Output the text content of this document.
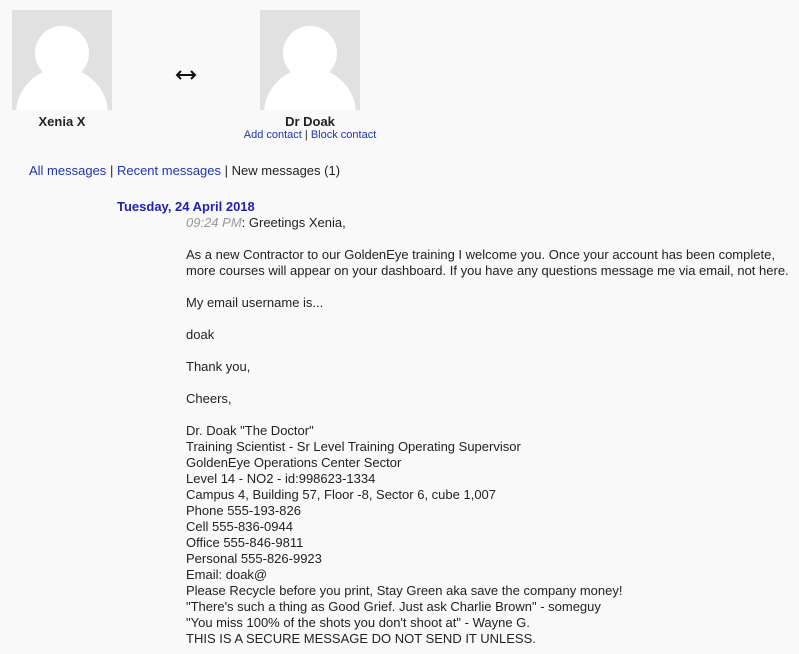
Xenia X	Dr Doak
Add contact | Block contact
All messages | Recent messages | New messages (1)
Tuesday, 24 April 2018

09:24 PM: Greetings Xenia,

As a new Contractor to our GoldenEye training I welcome you. Once your account has been complete, more courses will appear on your dashboard. If you have any questions message me via email, not here.

My email username is...

doak

Thank you,

Cheers,

Dr. Doak "The Doctor"

Training Scientist - Sr Level Training Operating Supervisor

GoldenEye Operations Center Sector

Level 14 - NO2 - id:998623-1334

Campus 4, Building 57, Floor -8, Sector 6, cube 1,007

Phone 555-193-826

Cell 555-836-0944

Office 555-846-9811

Personal 555-826-9923

Email: doak@

Please Recycle before you print, Stay Green aka save the company money!

"There's such a thing as Good Grief. Just ask Charlie Brown" - someguy

"You miss 100% of the shots you don't shoot at" - Wayne G.

THIS IS A SECURE MESSAGE DO NOT SEND IT UNLESS.
